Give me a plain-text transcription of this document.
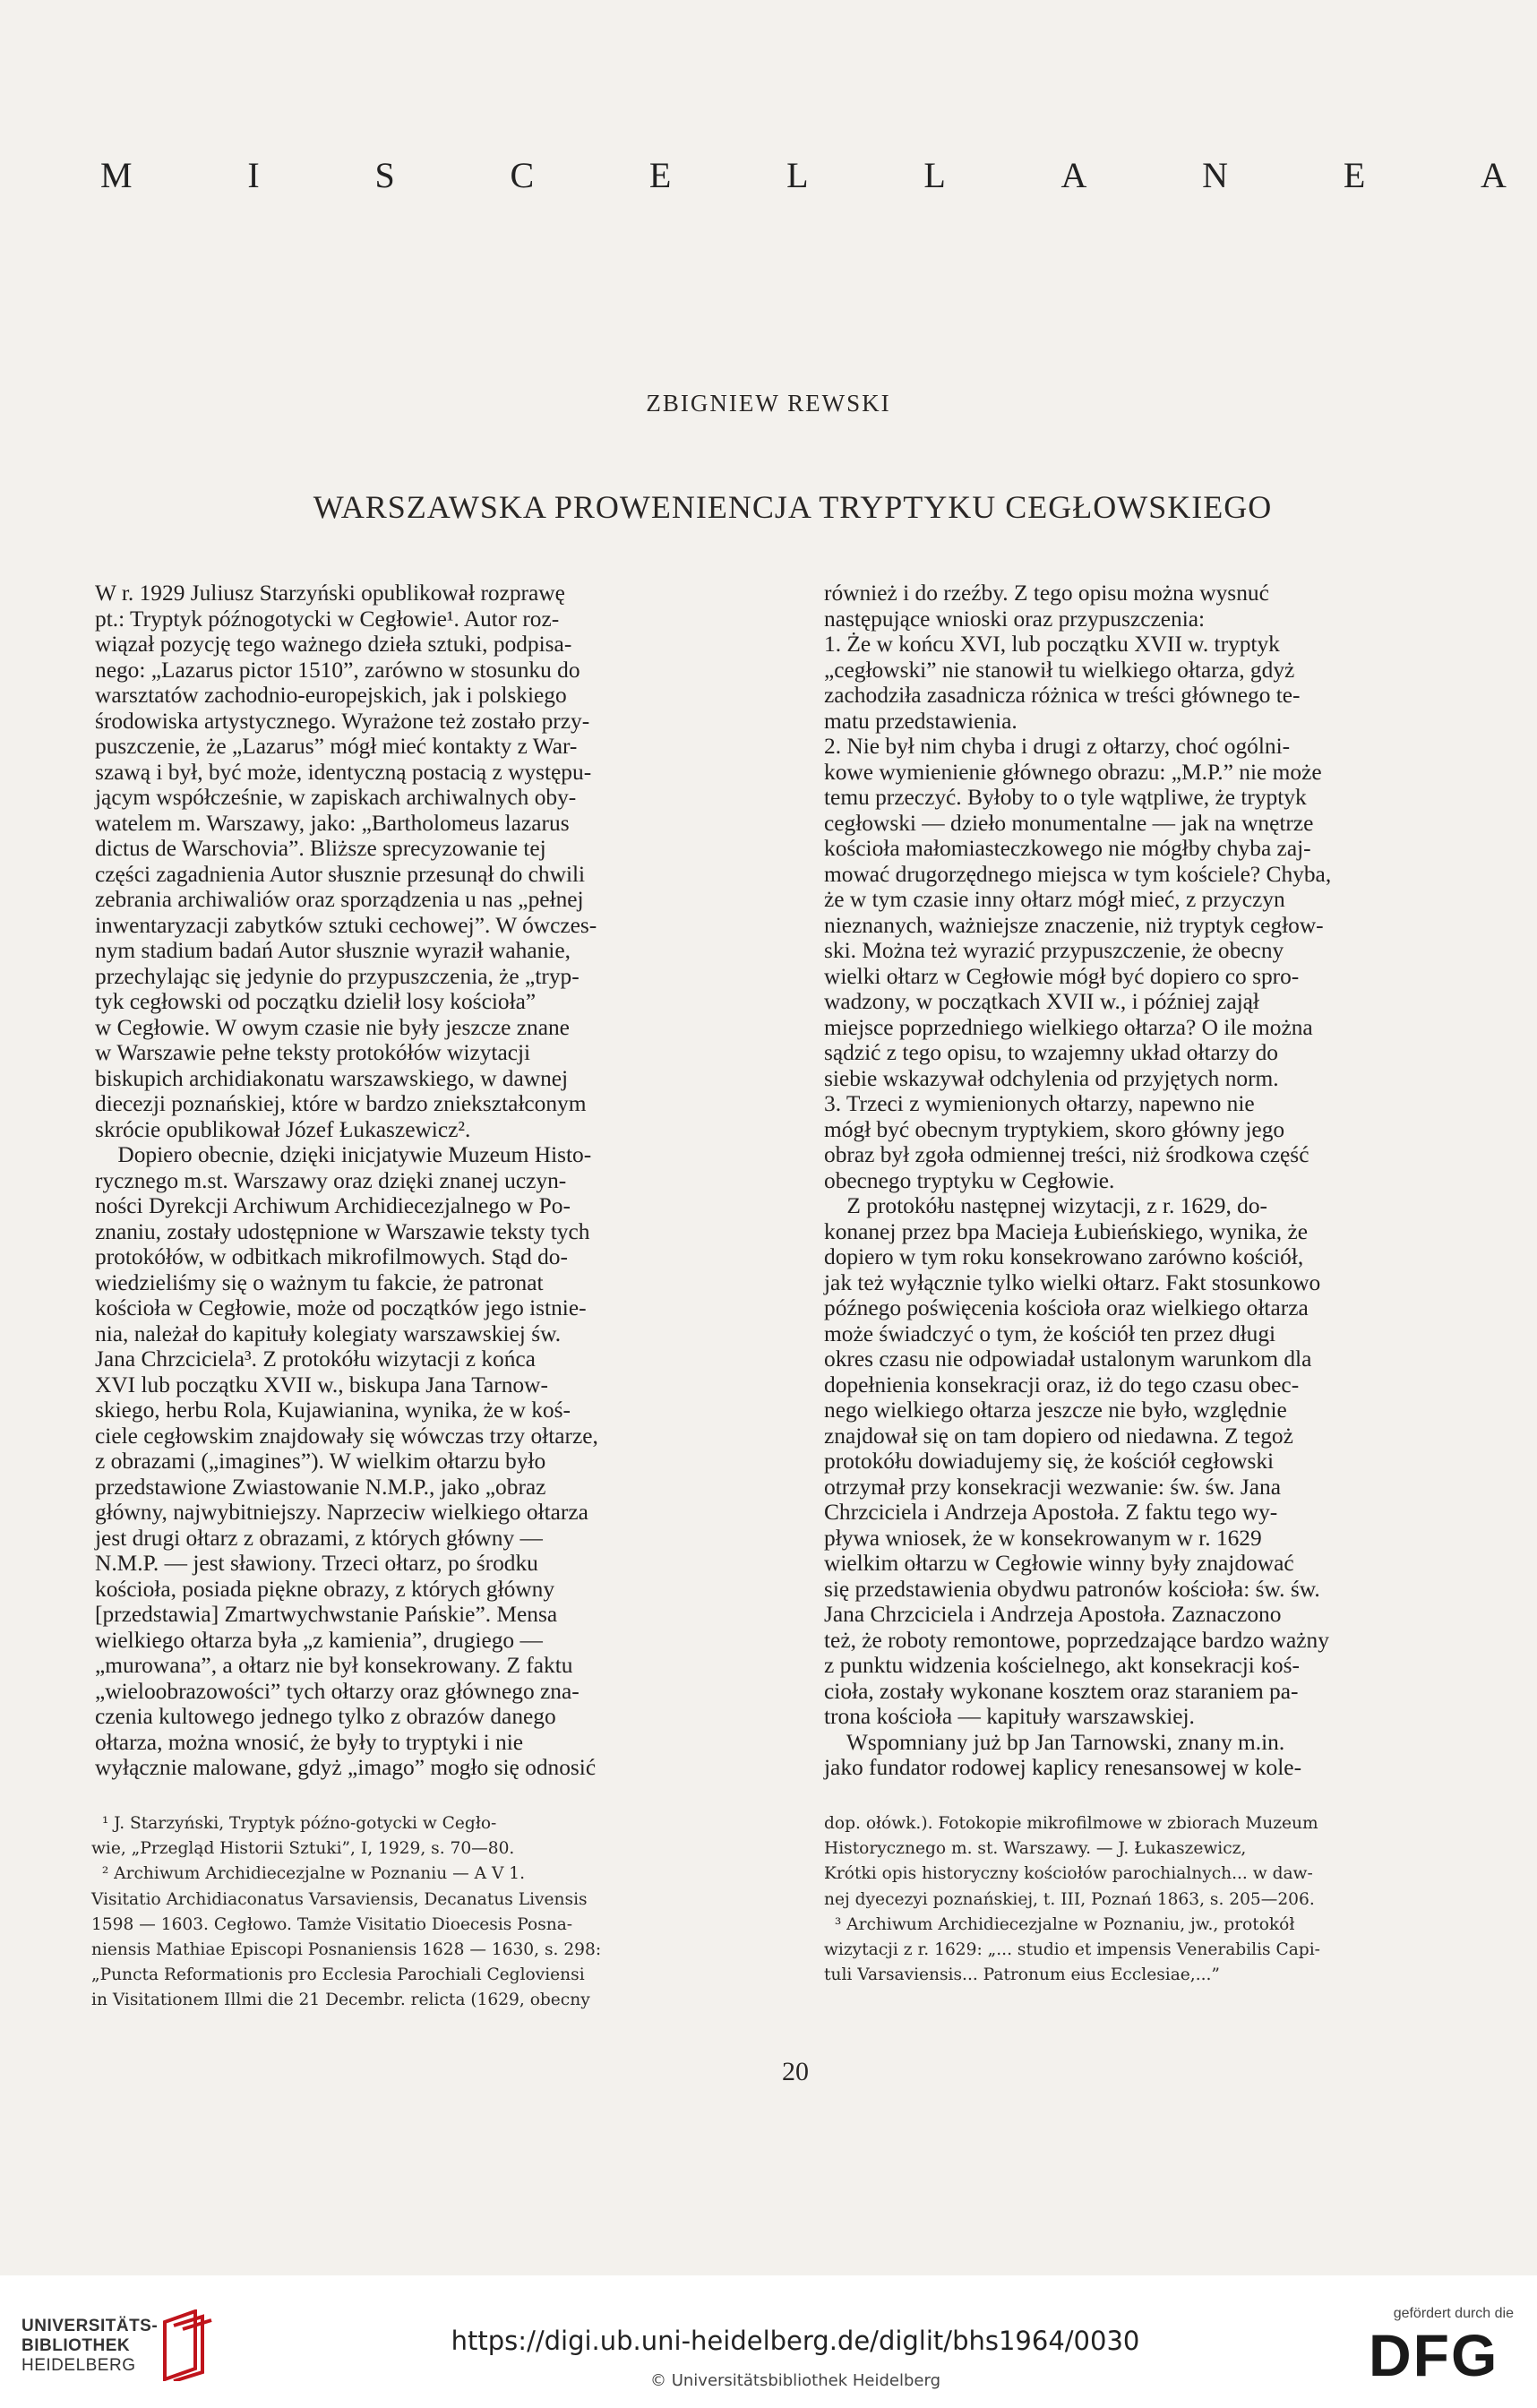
M	I	S	C	E	L	L	A	N	E	A
ZBIGNIEW REWSKI
WARSZAWSKA PROWENIENCJA TRYPTYKU CEGŁOWSKIEGO

W r. 1929 Juliusz Starzyński opublikował rozprawę

pt.: Tryptyk późnogotycki w Cegłowie¹. Autor roz-

wiązał pozycję tego ważnego dzieła sztuki, podpisa-

nego: „Lazarus pictor 1510”, zarówno w stosunku do

warsztatów zachodnio-europejskich, jak i polskiego

środowiska artystycznego. Wyrażone też zostało przy-

puszczenie, że „Lazarus” mógł mieć kontakty z War-

szawą i był, być może, identyczną postacią z występu-

jącym współcześnie, w zapiskach archiwalnych oby-

watelem m. Warszawy, jako: „Bartholomeus lazarus

dictus de Warschovia”. Bliższe sprecyzowanie tej

części zagadnienia Autor słusznie przesunął do chwili

zebrania archiwaliów oraz sporządzenia u nas „pełnej

inwentaryzacji zabytków sztuki cechowej”. W ówczes-

nym stadium badań Autor słusznie wyraził wahanie,

przechylając się jedynie do przypuszczenia, że „tryp-

tyk cegłowski od początku dzielił losy kościoła”

w Cegłowie. W owym czasie nie były jeszcze znane

w Warszawie pełne teksty protokółów wizytacji

biskupich archidiakonatu warszawskiego, w dawnej

diecezji poznańskiej, które w bardzo zniekształconym

skrócie opublikował Józef Łukaszewicz².

Dopiero obecnie, dzięki inicjatywie Muzeum Histo-

rycznego m.st. Warszawy oraz dzięki znanej uczyn-

ności Dyrekcji Archiwum Archidiecezjalnego w Po-

znaniu, zostały udostępnione w Warszawie teksty tych

protokółów, w odbitkach mikrofilmowych. Stąd do-

wiedzieliśmy się o ważnym tu fakcie, że patronat

kościoła w Cegłowie, może od początków jego istnie-

nia, należał do kapituły kolegiaty warszawskiej św.

Jana Chrzciciela³. Z protokółu wizytacji z końca

XVI lub początku XVII w., biskupa Jana Tarnow-

skiego, herbu Rola, Kujawianina, wynika, że w koś-

ciele cegłowskim znajdowały się wówczas trzy ołtarze,

z obrazami („imagines”). W wielkim ołtarzu było

przedstawione Zwiastowanie N.M.P., jako „obraz

główny, najwybitniejszy. Naprzeciw wielkiego ołtarza

jest drugi ołtarz z obrazami, z których główny —

N.M.P. — jest sławiony. Trzeci ołtarz, po środku

kościoła, posiada piękne obrazy, z których główny

[przedstawia] Zmartwychwstanie Pańskie”. Mensa

wielkiego ołtarza była „z kamienia”, drugiego —

„murowana”, a ołtarz nie był konsekrowany. Z faktu

„wieloobrazowości” tych ołtarzy oraz głównego zna-

czenia kultowego jednego tylko z obrazów danego

ołtarza, można wnosić, że były to tryptyki i nie

wyłącznie malowane, gdyż „imago” mogło się odnosić

również i do rzeźby. Z tego opisu można wysnuć

następujące wnioski oraz przypuszczenia:

1. Że w końcu XVI, lub początku XVII w. tryptyk

„cegłowski” nie stanowił tu wielkiego ołtarza, gdyż

zachodziła zasadnicza różnica w treści głównego te-

matu przedstawienia.

2. Nie był nim chyba i drugi z ołtarzy, choć ogólni-

kowe wymienienie głównego obrazu: „M.P.” nie może

temu przeczyć. Byłoby to o tyle wątpliwe, że tryptyk

cegłowski — dzieło monumentalne — jak na wnętrze

kościoła małomiasteczkowego nie mógłby chyba zaj-

mować drugorzędnego miejsca w tym kościele? Chyba,

że w tym czasie inny ołtarz mógł mieć, z przyczyn

nieznanych, ważniejsze znaczenie, niż tryptyk cegłow-

ski. Można też wyrazić przypuszczenie, że obecny

wielki ołtarz w Cegłowie mógł być dopiero co spro-

wadzony, w początkach XVII w., i później zajął

miejsce poprzedniego wielkiego ołtarza? O ile można

sądzić z tego opisu, to wzajemny układ ołtarzy do

siebie wskazywał odchylenia od przyjętych norm.

3. Trzeci z wymienionych ołtarzy, napewno nie

mógł być obecnym tryptykiem, skoro główny jego

obraz był zgoła odmiennej treści, niż środkowa część

obecnego tryptyku w Cegłowie.

Z protokółu następnej wizytacji, z r. 1629, do-

konanej przez bpa Macieja Łubieńskiego, wynika, że

dopiero w tym roku konsekrowano zarówno kościół,

jak też wyłącznie tylko wielki ołtarz. Fakt stosunkowo

późnego poświęcenia kościoła oraz wielkiego ołtarza

może świadczyć o tym, że kościół ten przez długi

okres czasu nie odpowiadał ustalonym warunkom dla

dopełnienia konsekracji oraz, iż do tego czasu obec-

nego wielkiego ołtarza jeszcze nie było, względnie

znajdował się on tam dopiero od niedawna. Z tegoż

protokółu dowiadujemy się, że kościół cegłowski

otrzymał przy konsekracji wezwanie: św. św. Jana

Chrzciciela i Andrzeja Apostoła. Z faktu tego wy-

pływa wniosek, że w konsekrowanym w r. 1629

wielkim ołtarzu w Cegłowie winny były znajdować

się przedstawienia obydwu patronów kościoła: św. św.

Jana Chrzciciela i Andrzeja Apostoła. Zaznaczono

też, że roboty remontowe, poprzedzające bardzo ważny

z punktu widzenia kościelnego, akt konsekracji koś-

cioła, zostały wykonane kosztem oraz staraniem pa-

trona kościoła — kapituły warszawskiej.

Wspomniany już bp Jan Tarnowski, znany m.in.

jako fundator rodowej kaplicy renesansowej w kole-

¹ J. Starzyński, Tryptyk późno-gotycki w Cegło-

wie, „Przegląd Historii Sztuki”, I, 1929, s. 70—80.

² Archiwum Archidiecezjalne w Poznaniu — A V 1.

Visitatio Archidiaconatus Varsaviensis, Decanatus Livensis

1598 — 1603. Cegłowo. Tamże Visitatio Dioecesis Posna-

niensis Mathiae Episcopi Posnaniensis 1628 — 1630, s. 298:

„Puncta Reformationis pro Ecclesia Parochiali Cegloviensi

in Visitationem Illmi die 21 Decembr. relicta (1629, obecny

dop. ołówk.). Fotokopie mikrofilmowe w zbiorach Muzeum

Historycznego m. st. Warszawy. — J. Łukaszewicz,

Krótki opis historyczny kościołów parochialnych... w daw-

nej dyecezyi poznańskiej, t. III, Poznań 1863, s. 205—206.

³ Archiwum Archidiecezjalne w Poznaniu, jw., protokół

wizytacji z r. 1629: „... studio et impensis Venerabilis Capi-

tuli Varsaviensis... Patronum eius Ecclesiae,...”

20
UNIVERSITÄTS-
BIBLIOTHEK
HEIDELBERG
https://digi.ub.uni-heidelberg.de/diglit/bhs1964/0030
© Universitätsbibliothek Heidelberg
gefördert durch die
DFG
